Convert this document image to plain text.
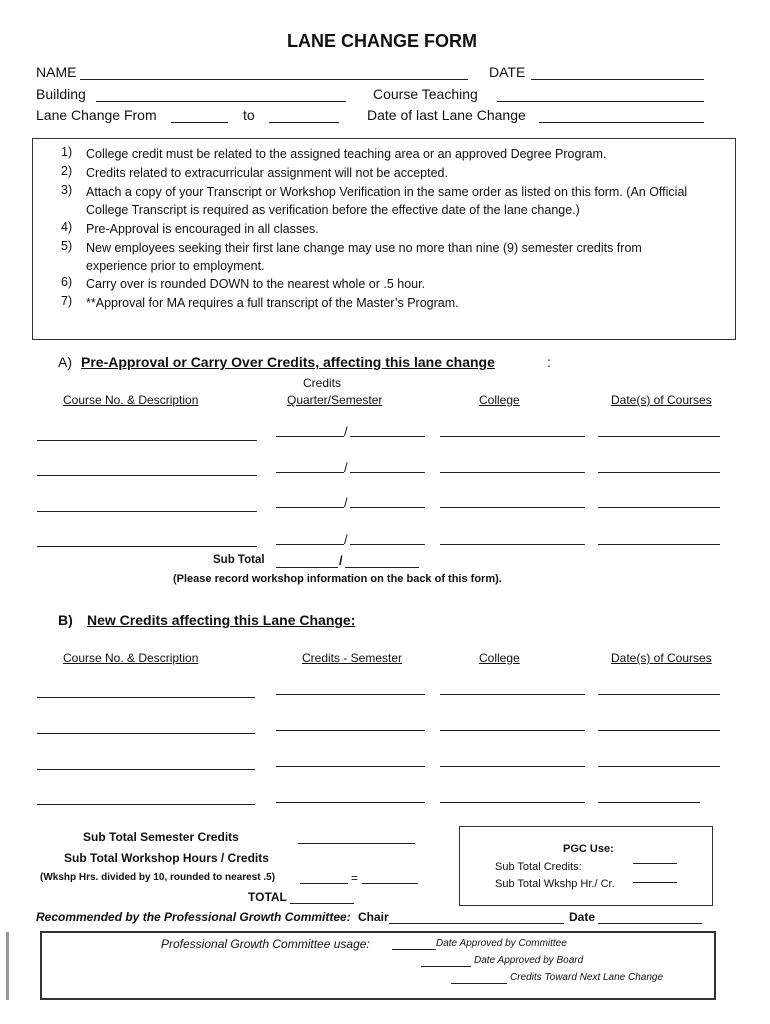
LANE CHANGE FORM
NAME	DATE
Building	Course Teaching
Lane Change From	to	Date of last Lane Change
1) College credit must be related to the assigned teaching area or an approved Degree Program.
2) Credits related to extracurricular assignment will not be accepted.
3) Attach a copy of your Transcript or Workshop Verification in the same order as listed on this form. (An Official College Transcript is required as verification before the effective date of the lane change.)
4) Pre-Approval is encouraged in all classes.
5) New employees seeking their first lane change may use no more than nine (9) semester credits from experience prior to employment.
6) Carry over is rounded DOWN to the nearest whole or .5 hour.
7) **Approval for MA requires a full transcript of the Master’s Program.
A) Pre-Approval or Carry Over Credits, affecting this lane change	:
Credits
Course No. & Description	Quarter/Semester	College	Date(s) of Courses
/
/
/
/
Sub Total	/
(Please record workshop information on the back of this form).
B) New Credits affecting this Lane Change:
Course No. & Description	Credits - Semester	College	Date(s) of Courses
Sub Total Semester Credits
Sub Total Workshop Hours / Credits
(Wkshp Hrs. divided by 10, rounded to nearest .5)	=
TOTAL
PGC Use:
Sub Total Credits:
Sub Total Wkshp Hr./ Cr.
Recommended by the Professional Growth Committee: Chair	Date
Professional Growth Committee usage:	Date Approved by Committee
Date Approved by Board
Credits Toward Next Lane Change
